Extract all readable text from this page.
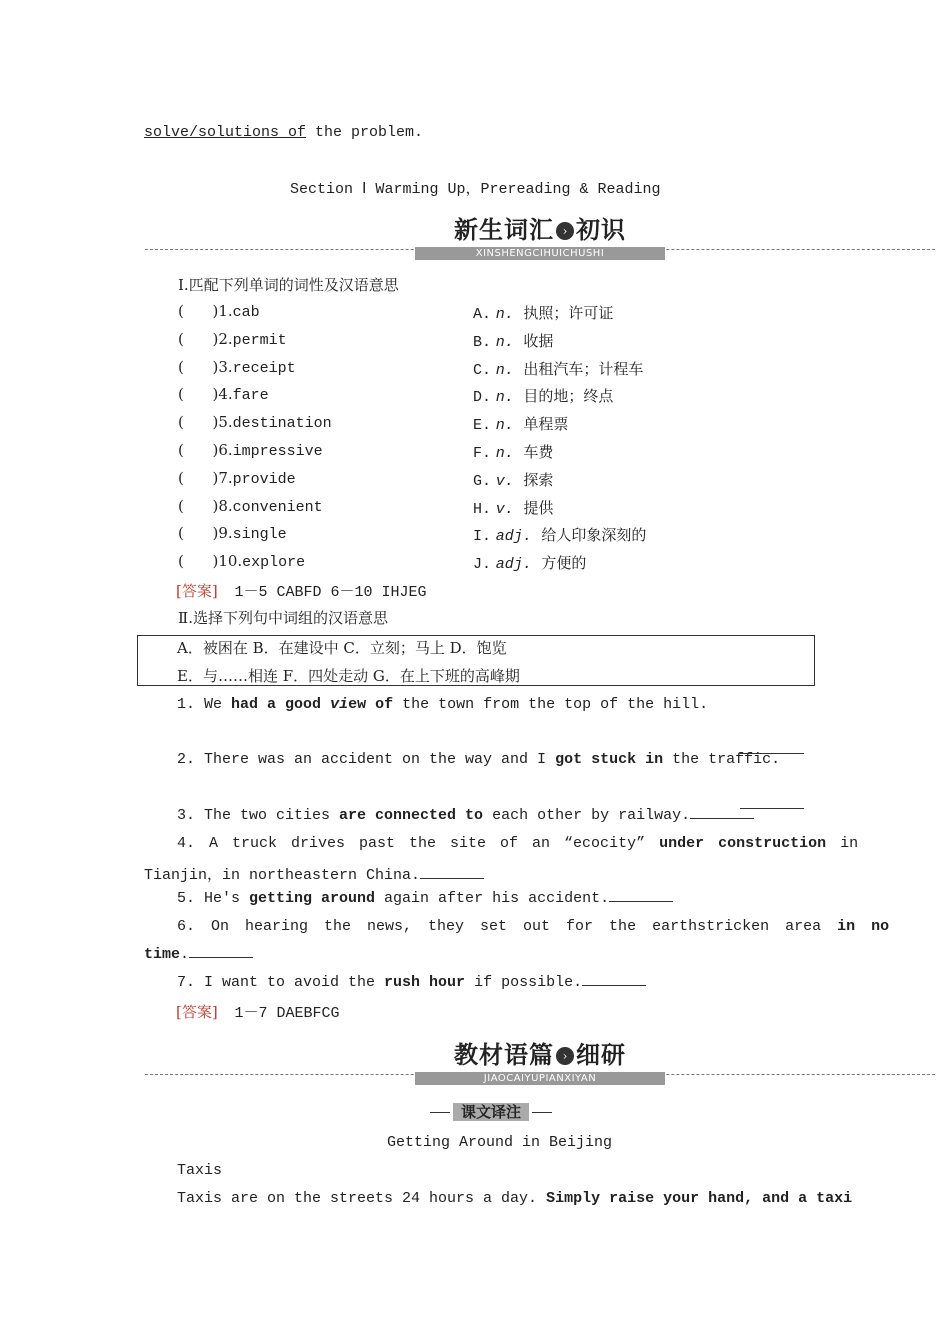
solve/solutions of the problem.
Section Ⅰ Warming Up，Prereading & Reading
新生词汇 › 初识
XINSHENGCIHUICHUSHI
Ⅰ.匹配下列单词的词性及汉语意思
(      )1.cab
(      )2.permit
(      )3.receipt
(      )4.fare
(      )5.destination
(      )6.impressive
(      )7.provide
(      )8.convenient
(      )9.single
(      )10.explore
A. n. 执照；许可证
B. n. 收据
C. n. 出租汽车；计程车
D. n. 目的地；终点
E. n. 单程票
F. n. 车费
G. v. 探索
H. v. 提供
I. adj. 给人印象深刻的
J. adj. 方便的
[答案] 1－5 CABFD 6－10 IHJEG
Ⅱ.选择下列句中词组的汉语意思
A．被困在 B．在建设中 C．立刻；马上 D．饱览
E．与……相连 F．四处走动 G．在上下班的高峰期
1. We had a good view of the town from the top of the hill.
2. There was an accident on the way and I got stuck in the traffic.
3. The two cities are connected to each other by railway.
4. A truck drives past the site of an “ecocity” under construction in
Tianjin，in northeastern China.
5. He's getting around again after his accident.
6. On hearing the news, they set out for the earthstricken area in no
time.
7. I want to avoid the rush hour if possible.
[答案] 1－7 DAEBFCG
教材语篇 › 细研
JIAOCAIYUPIANXIYAN
课文译注
Getting Around in Beijing
Taxis
Taxis are on the streets 24 hours a day. Simply raise your hand, and a taxi
